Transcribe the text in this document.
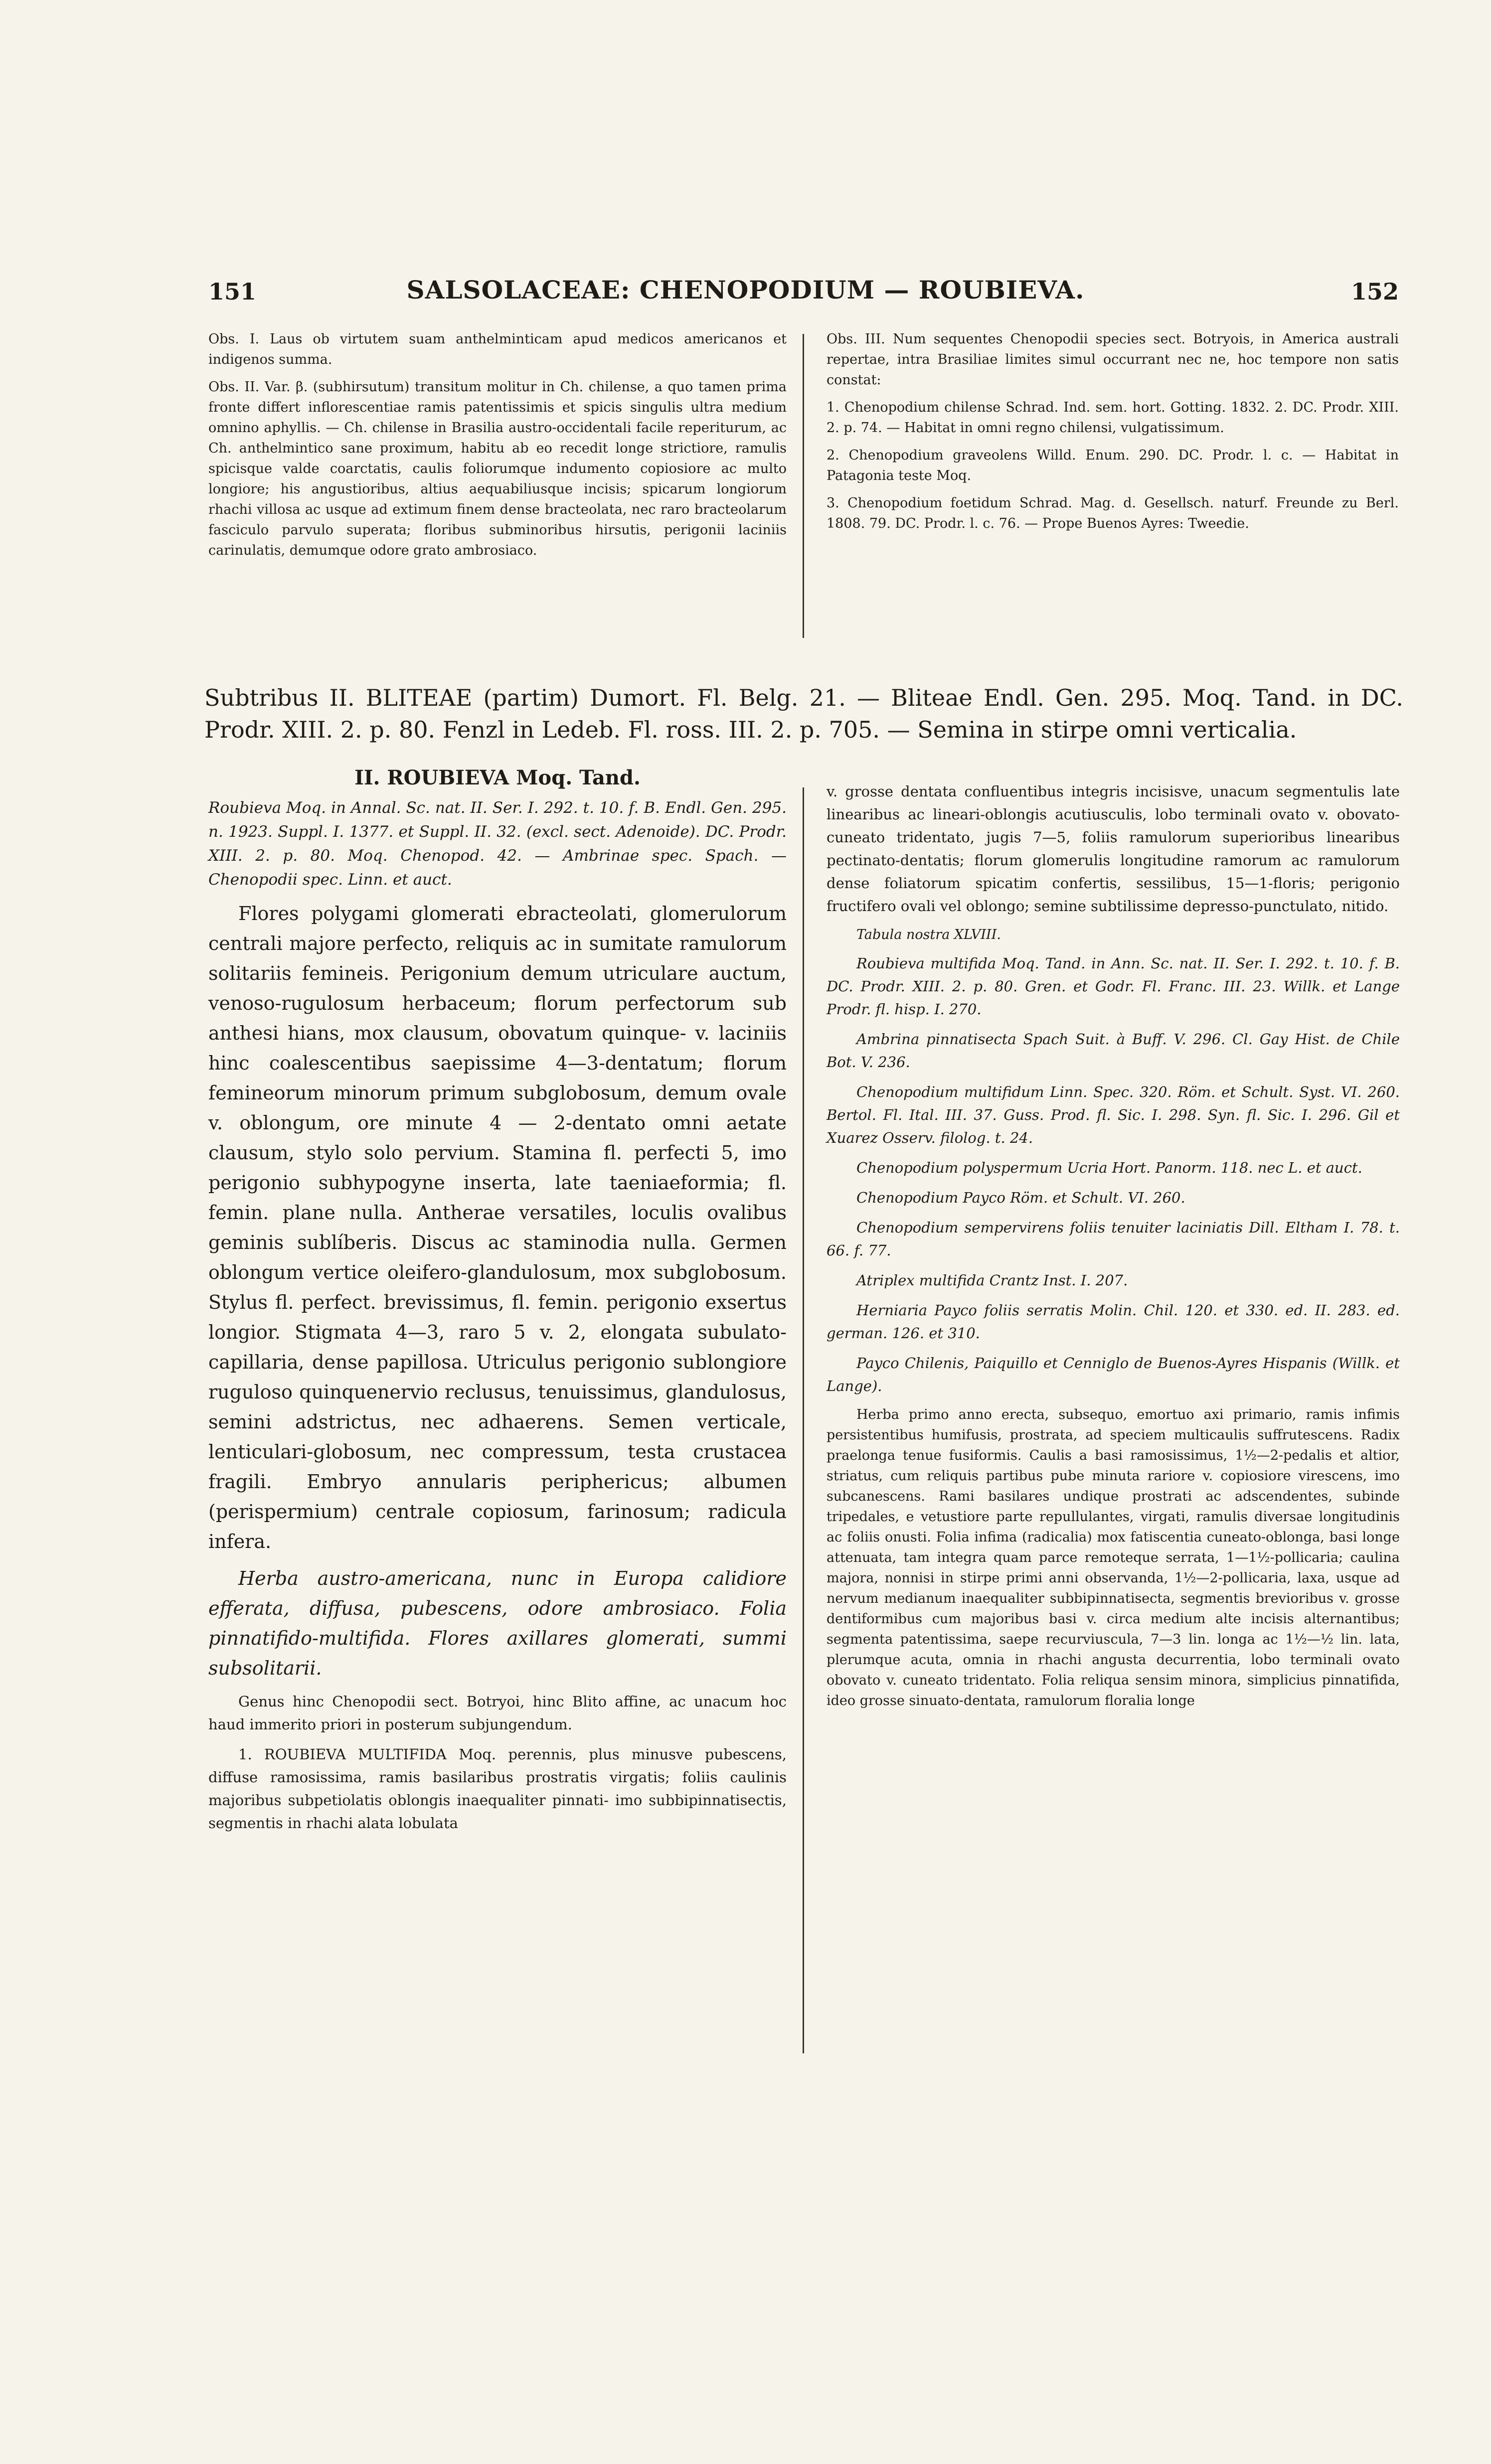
151	SALSOLACEAE: CHENOPODIUM — ROUBIEVA.	152

Obs. I. Laus ob virtutem suam anthelminticam apud medicos americanos et indigenos summa.

Obs. II. Var. β. (subhirsutum) transitum molitur in Ch. chilense, a quo tamen prima fronte differt inflorescentiae ramis patentissimis et spicis singulis ultra medium omnino aphyllis. — Ch. chilense in Brasilia austro-occidentali facile reperiturum, ac Ch. anthelmintico sane proximum, habitu ab eo recedit longe strictiore, ramulis spicisque valde coarctatis, caulis foliorumque indumento copiosiore ac multo longiore; his angustioribus, altius aequabiliusque incisis; spicarum longiorum rhachi villosa ac usque ad extimum finem dense bracteolata, nec raro bracteolarum fasciculo parvulo superata; floribus subminoribus hirsutis, perigonii laciniis carinulatis, demumque odore grato ambrosiaco.

Obs. III. Num sequentes Chenopodii species sect. Botryois, in America australi repertae, intra Brasiliae limites simul occurrant nec ne, hoc tempore non satis constat:

1. Chenopodium chilense Schrad. Ind. sem. hort. Gotting. 1832. 2. DC. Prodr. XIII. 2. p. 74. — Habitat in omni regno chilensi, vulgatissimum.

2. Chenopodium graveolens Willd. Enum. 290. DC. Prodr. l. c. — Habitat in Patagonia teste Moq.

3. Chenopodium foetidum Schrad. Mag. d. Gesellsch. naturf. Freunde zu Berl. 1808. 79. DC. Prodr. l. c. 76. — Prope Buenos Ayres: Tweedie.

Subtribus II. BLITEAE (partim) Dumort. Fl. Belg. 21. — Bliteae Endl. Gen. 295. Moq. Tand. in DC. Prodr. XIII. 2. p. 80. Fenzl in Ledeb. Fl. ross. III. 2. p. 705. — Semina in stirpe omni verticalia.
II. ROUBIEVA Moq. Tand.

Roubieva Moq. in Annal. Sc. nat. II. Ser. I. 292. t. 10. f. B. Endl. Gen. 295. n. 1923. Suppl. I. 1377. et Suppl. II. 32. (excl. sect. Adenoide). DC. Prodr. XIII. 2. p. 80. Moq. Chenopod. 42. — Ambrinae spec. Spach. — Chenopodii spec. Linn. et auct.

Flores polygami glomerati ebracteolati, glomerulorum centrali majore perfecto, reliquis ac in sumitate ramulorum solitariis femineis. Perigonium demum utriculare auctum, venoso-rugulosum herbaceum; florum perfectorum sub anthesi hians, mox clausum, obovatum quinque- v. laciniis hinc coalescentibus saepissime 4—3-dentatum; florum femineorum minorum primum subglobosum, demum ovale v. oblongum, ore minute 4 — 2-dentato omni aetate clausum, stylo solo pervium. Stamina fl. perfecti 5, imo perigonio subhypogyne inserta, late taeniaeformia; fl. femin. plane nulla. Antherae versatiles, loculis ovalibus geminis sublíberis. Discus ac staminodia nulla. Germen oblongum vertice oleifero-glandulosum, mox subglobosum. Stylus fl. perfect. brevissimus, fl. femin. perigonio exsertus longior. Stigmata 4—3, raro 5 v. 2, elongata subulato-capillaria, dense papillosa. Utriculus perigonio sublongiore ruguloso quinquenervio reclusus, tenuissimus, glandulosus, semini adstrictus, nec adhaerens. Semen verticale, lenticulari-globosum, nec compressum, testa crustacea fragili. Embryo annularis periphericus; albumen (perispermium) centrale copiosum, farinosum; radicula infera.

Herba austro-americana, nunc in Europa calidiore efferata, diffusa, pubescens, odore ambrosiaco. Folia pinnatifido-multifida. Flores axillares glomerati, summi subsolitarii.

Genus hinc Chenopodii sect. Botryoi, hinc Blito affine, ac unacum hoc haud immerito priori in posterum subjungendum.

1. ROUBIEVA MULTIFIDA Moq. perennis, plus minusve pubescens, diffuse ramosissima, ramis basilaribus prostratis virgatis; foliis caulinis majoribus subpetiolatis oblongis inaequaliter pinnati- imo subbipinnatisectis, segmentis in rhachi alata lobulata

v. grosse dentata confluentibus integris incisisve, unacum segmentulis late linearibus ac lineari-oblongis acutiusculis, lobo terminali ovato v. obovato-cuneato tridentato, jugis 7—5, foliis ramulorum superioribus linearibus pectinato-dentatis; florum glomerulis longitudine ramorum ac ramulorum dense foliatorum spicatim confertis, sessilibus, 15—1-floris; perigonio fructifero ovali vel oblongo; semine subtilissime depresso-punctulato, nitido.

Tabula nostra XLVIII.

Roubieva multifida Moq. Tand. in Ann. Sc. nat. II. Ser. I. 292. t. 10. f. B. DC. Prodr. XIII. 2. p. 80. Gren. et Godr. Fl. Franc. III. 23. Willk. et Lange Prodr. fl. hisp. I. 270.

Ambrina pinnatisecta Spach Suit. à Buff. V. 296. Cl. Gay Hist. de Chile Bot. V. 236.

Chenopodium multifidum Linn. Spec. 320. Röm. et Schult. Syst. VI. 260. Bertol. Fl. Ital. III. 37. Guss. Prod. fl. Sic. I. 298. Syn. fl. Sic. I. 296. Gil et Xuarez Osserv. filolog. t. 24.

Chenopodium polyspermum Ucria Hort. Panorm. 118. nec L. et auct.

Chenopodium Payco Röm. et Schult. VI. 260.

Chenopodium sempervirens foliis tenuiter laciniatis Dill. Eltham I. 78. t. 66. f. 77.

Atriplex multifida Crantz Inst. I. 207.

Herniaria Payco foliis serratis Molin. Chil. 120. et 330. ed. II. 283. ed. german. 126. et 310.

Payco Chilenis, Paiquillo et Cenniglo de Buenos-Ayres Hispanis (Willk. et Lange).

Herba primo anno erecta, subsequo, emortuo axi primario, ramis infimis persistentibus humifusis, prostrata, ad speciem multicaulis suffrutescens. Radix praelonga tenue fusiformis. Caulis a basi ramosissimus, 1½—2-pedalis et altior, striatus, cum reliquis partibus pube minuta rariore v. copiosiore virescens, imo subcanescens. Rami basilares undique prostrati ac adscendentes, subinde tripedales, e vetustiore parte repullulantes, virgati, ramulis diversae longitudinis ac foliis onusti. Folia infima (radicalia) mox fatiscentia cuneato-oblonga, basi longe attenuata, tam integra quam parce remoteque serrata, 1—1½-pollicaria; caulina majora, nonnisi in stirpe primi anni observanda, 1½—2-pollicaria, laxa, usque ad nervum medianum inaequaliter subbipinnatisecta, segmentis brevioribus v. grosse dentiformibus cum majoribus basi v. circa medium alte incisis alternantibus; segmenta patentissima, saepe recurviuscula, 7—3 lin. longa ac 1½—½ lin. lata, plerumque acuta, omnia in rhachi angusta decurrentia, lobo terminali ovato obovato v. cuneato tridentato. Folia reliqua sensim minora, simplicius pinnatifida, ideo grosse sinuato-dentata, ramulorum floralia longe
